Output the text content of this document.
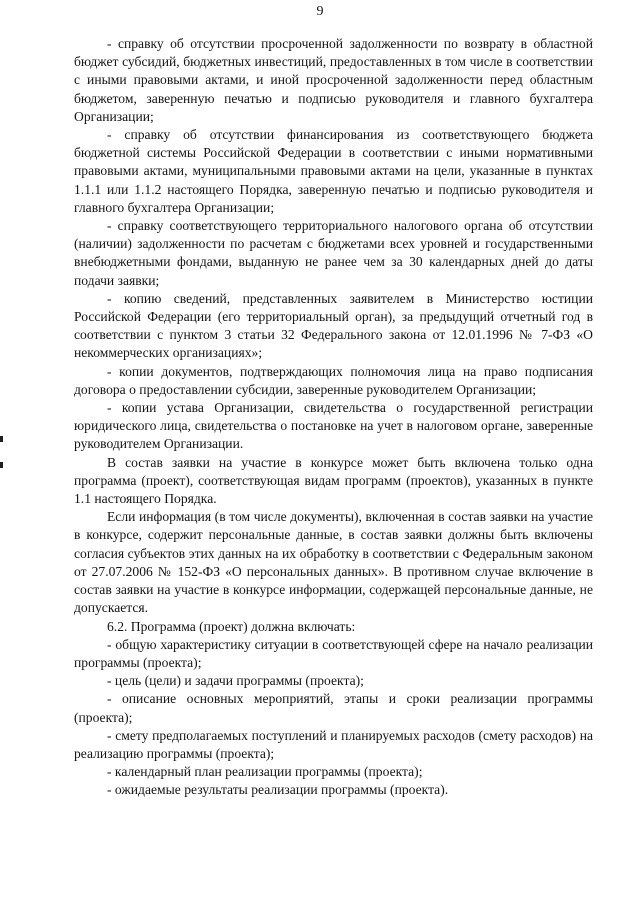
9

- справку об отсутствии просроченной задолженности по возврату в областной бюджет субсидий, бюджетных инвестиций, предоставленных в том числе в соответствии с иными правовыми актами, и иной просроченной задолженности перед областным бюджетом, заверенную печатью и подписью руководителя и главного бухгалтера Организации;

- справку об отсутствии финансирования из соответствующего бюджета бюджетной системы Российской Федерации в соответствии с иными нормативными правовыми актами, муниципальными правовыми актами на цели, указанные в пунктах 1.1.1 или 1.1.2 настоящего Порядка, заверенную печатью и подписью руководителя и главного бухгалтера Организации;

- справку соответствующего территориального налогового органа об отсутствии (наличии) задолженности по расчетам с бюджетами всех уровней и государственными внебюджетными фондами, выданную не ранее чем за 30 календарных дней до даты подачи заявки;

- копию сведений, представленных заявителем в Министерство юстиции Российской Федерации (его территориальный орган), за предыдущий отчетный год в соответствии с пунктом 3 статьи 32 Федерального закона от 12.01.1996 № 7-ФЗ «О некоммерческих организациях»;

- копии документов, подтверждающих полномочия лица на право подписания договора о предоставлении субсидии, заверенные руководителем Организации;

- копии устава Организации, свидетельства о государственной регистрации юридического лица, свидетельства о постановке на учет в налоговом органе, заверенные руководителем Организации.

В состав заявки на участие в конкурсе может быть включена только одна программа (проект), соответствующая видам программ (проектов), указанных в пункте 1.1 настоящего Порядка.

Если информация (в том числе документы), включенная в состав заявки на участие в конкурсе, содержит персональные данные, в состав заявки должны быть включены согласия субъектов этих данных на их обработку в соответствии с Федеральным законом от 27.07.2006 № 152-ФЗ «О персональных данных». В противном случае включение в состав заявки на участие в конкурсе информации, содержащей персональные данные, не допускается.

6.2. Программа (проект) должна включать:

- общую характеристику ситуации в соответствующей сфере на начало реализации программы (проекта);

- цель (цели) и задачи программы (проекта);

- описание основных мероприятий, этапы и сроки реализации программы (проекта);

- смету предполагаемых поступлений и планируемых расходов (смету расходов) на реализацию программы (проекта);

- календарный план реализации программы (проекта);

- ожидаемые результаты реализации программы (проекта).
